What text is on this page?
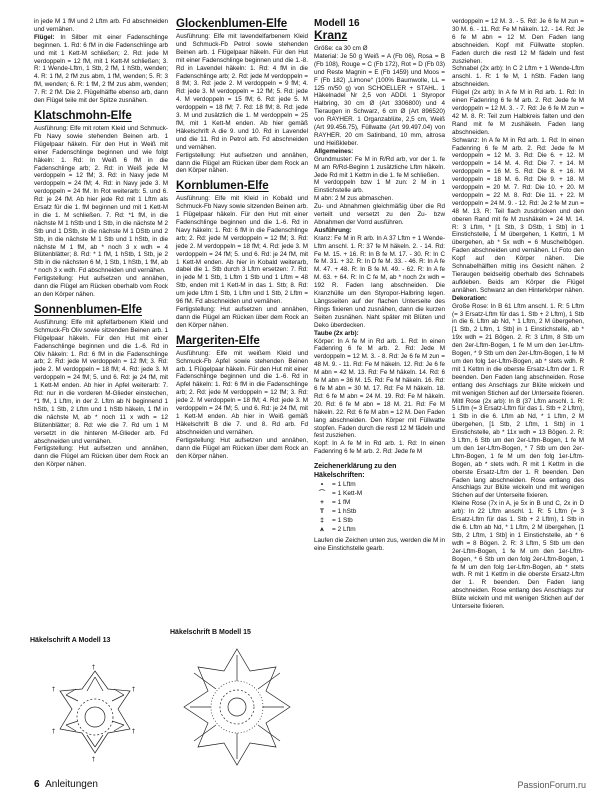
in jede M 1 fM und 2 Lftm arb. Fd abschneiden und vernähen.

Flügel: In Silber mit einer Fadenschlinge beginnen. 1. Rd: 6 fM in die Fadenschlinge arb und mit 1 Kett-M schließen; 2. Rd: jede M verdoppeln = 12 fM, mit 1 Kett-M schließen; 3. R: 1 Wende-Lftm, 1 Stb, 2 fM, 1 hStb, wenden; 4. R: 1 fM, 2 fM zus abm, 1 fM, wenden; 5. R: 3 fM, wenden; 6. R: 1 fM, 2 fM zus abm, wenden; 7. R: 2 fM. Die 2. Flügelhälfte ebenso arb, dann den Flügel teile mit der Spitze zusnähen.

Klatschmohn-Elfe

Ausführung: Elfe mit rotem Kleid und Schmuck-Fb Navy sowie stehenden Beinen arb. 1 Flügelpaar häkeln. Für den Hut in Weiß mit einer Fadenschlinge beginnen und wie folgt häkeln: 1. Rd: In Weiß 6 fM in die Fadenschlinge arb; 2. Rd: in Weiß jede M verdoppeln = 12 fM; 3. Rd: in Navy jede M verdoppeln = 24 fM; 4. Rd: in Navy jede 3. M verdoppeln = 24 fM. In Rot weiterarb: 5. und 6. Rd: je 24 fM. Ab hier jede Rd mit 1 Lftm als Ersatz für die 1. fM beginnen und mit 1 Kett-M in die 1. M schließen. 7. Rd: *1 fM, in die nächste M 1 hStb und 1 Stb, in die nächste M 2 Stb und 1 DStb, in die nächste M 1 DStb und 2 Stb, in die nächste M 1 Stb und 1 hStb, in die nächste M 1 fM, ab * noch 3 x wdh = 4 Blütenblätter; 8. Rd: * 1 fM, 1 hStb, 1 Stb, je 2 Stb in die nächsten 6 M, 1 Stb, 1 hStb, 1 fM, ab * noch 3 x wdh. Fd abschneiden und vernähen.

Fertigstellung: Hut aufsetzen und annähen, dann die Flügel am Rücken oberhalb vom Rock an den Körper nähen.

Sonnenblumen-Elfe

Ausführung: Elfe mit apfelfarbenem Kleid und Schmuck-Fb Oliv sowie sitzenden Beinen arb. 1 Flügelpaar häkeln. Für den Hut mit einer Fadenschlinge beginnen und die 1.-6. Rd in Oliv häkeln: 1. Rd: 6 fM in die Fadenschlinge arb; 2. Rd: jede M verdoppeln = 12 fM; 3. Rd: jede 2. M verdoppeln = 18 fM; 4. Rd: jede 3. M verdoppeln = 24 fM; 5. und 6. Rd: je 24 fM, mit 1 Kett-M enden. Ab hier in Apfel weiterarb: 7. Rd: nur in die vorderen M-Glieder einstechen, *1 fM, 1 Lftm, in der 2. Lftm ab N beginnend 1 hStb, 1 Stb, 2 Lftm und 1 hStb häkeln, 1 fM in die nächste M, ab * noch 11 x wdh = 12 Blütenblätter; 8. Rd: wie die 7. Rd um 1 M versetzt in die hinteren M-Glieder arb. Fd abschneiden und vernähen.

Fertigstellung: Hut aufsetzen und annähen, dann die Flügel am Rücken über dem Rock an den Körper nähen.

Glockenblumen-Elfe

Ausführung: Elfe mit lavendelfarbenem Kleid und Schmuck-Fb Petrol sowie stehenden Beinen arb. 1 Flügelpaar häkeln. Für den Hut mit einer Fadenschlinge beginnen und die 1.-8. Rd in Lavendel häkeln: 1. Rd: 4 fM in die Fadenschlinge arb; 2. Rd: jede M verdoppeln = 8 fM; 3. Rd: jede 2. M verdoppeln = 9 fM; 4. Rd: jede 3. M verdoppeln = 12 fM; 5. Rd: jede 4. M verdoppeln = 15 fM; 6. Rd: jede 5. M verdoppeln = 18 fM; 7. Rd: 18 fM; 8. Rd: jede 3. M und zusätzlich die 1. M verdoppeln = 25 fM, mit 1 Kett-M enden. Ab hier gemäß Häkelschrift A die 9. und 10. Rd in Lavendel und die 11. Rd in Petrol arb. Fd abschneiden und vernähen.

Fertigstellung: Hut aufsetzen und annähen, dann die Flügel am Rücken über dem Rock an den Körper nähen.

Kornblumen-Elfe

Ausführung: Elfe mit Kleid in Kobald und Schmuck-Fb Navy sowie sitzenden Beinen arb. 1 Flügelpaar häkeln. Für den Hut mit einer Fadenschlinge beginnen und die 1.-6. Rd in Navy häkeln: 1. Rd: 6 fM in die Fadenschlinge arb; 2. Rd: jede M verdoppeln = 12 fM; 3. Rd: jede 2. M verdoppeln = 18 fM; 4. Rd: jede 3. M verdoppeln = 24 fM; 5. und 6. Rd: je 24 fM, mit 1 Kett-M enden. Ab hier in Kobald weiterarb, dabei die 1. Stb durch 3 Lftm ersetzen: 7. Rd: in jede M 1 Stb, 1 Lftm 1 Stb und 1 Lftm = 48 Stb, enden mit 1 Kett-M in das 1. Stb; 8. Rd: um jede Lftm 1 Stb, 1 Lftm und 1 Stb, 2 Lftm = 96 fM. Fd abschneiden und vernähen.

Fertigstellung: Hut aufsetzen und annähen, dann die Flügel am Rücken über dem Rock an den Körper nähen.

Margeriten-Elfe

Ausführung: Elfe mit weißem Kleid und Schmuck-Fb Apfel sowie stehenden Beinen arb. 1 Flügelpaar häkeln. Für den Hut mit einer Fadenschlinge beginnen und die 1.-6. Rd in Apfel häkeln: 1. Rd: 6 fM in die Fadenschlinge arb; 2. Rd: jede M verdoppeln = 12 fM; 3. Rd: jede 2. M verdoppeln = 18 fM; 4. Rd: jede 3. M verdoppeln = 24 fM; 5. und 6. Rd: je 24 fM, mit 1 Kett-M enden. Ab hier in Weiß gemäß Häkelschrift B die 7. und 8. Rd arb. Fd abschneiden und vernähen.

Fertigstellung: Hut aufsetzen und annähen, dann die Flügel am Rücken über dem Rock an den Körper nähen.

Modell 16
Kranz

Größe: ca 30 cm Ø

Material: Je 50 g Weiß = A (Fb 06), Rosa = B (Fb 108), Rouge = C (Fb 172), Rot = D (Fb 03) und Reste Magnin = E (Fb 1459) und Moos = F (Fb 182) „Limone“ (100% Baumwolle, LL = 125 m/50 g) von SCHOELLER + STAHL. 1 Häkelnadel Nr 2,5 von ADDI. 1 Styropor Halbring, 30 cm Ø (Art 3306800) und 4 Tieraugen in Schwarz, 6 cm Ø (Art 896520) von RAYHER. 1 Organzablüte, 2,5 cm, Weiß (Art 99.456.75), Füllwatte (Art 99.497.04) von RAYHER. 20 cm Satinband, 10 mm, altrosa und Heißkleber.

Allgemeines:

Grundmuster: Fe M in R/Rd arb, vor der 1. fe M am R/Rd-Beginn 1 zusätzliche Lftm häkeln. Jede Rd mit 1 Kettm in die 1. fe M schließen.

M verdoppeln bzw 1 M zun: 2 M in 1 Einstichstelle arb.

M abn: 2 M zus abmaschen.

Zu- und Abnahmen gleichmäßig über die Rd verteilt und versetzt zu den Zu- bzw Abnahmen der Vorrd ausführen.

Ausführung:

Kranz: Fe M in R arb. In A 37 Lftm + 1 Wende-Lftm anschl. 1. R: 37 fe M häkeln. 2. - 14. Rd: Fe M. 15. + 16. R: In B fe M. 17. - 30. R: In C fe M. 31. + 32. R: In D fe M. 33. - 46. R: In A fe M. 47. + 48. R: In B fe M. 49. - 62. R: In A fe M. 63. + 64. R: In C fe M, ab * noch 2x wdh = 192 R. Faden lang abschneiden. Die Kranzhülle um den Styropor-Halbring legen. Längsseiten auf der flachen Unterseite des Rings fixieren und zusnähen, dann die kurzen Seiten zusnähen. Naht später mit Blüten und Deko überdecken.

Taube (2x arb):

Körper: In A fe M in Rd arb. 1. Rd: In einen Fadenring 6 fe M arb. 2. Rd: Jede M verdoppeln = 12 M. 3. - 8. Rd: Je 6 fe M zun = 48 M. 9. - 11. Rd: Fe M häkeln. 12. Rd: Je 6 fe M abn = 42 M. 13. Rd: Fe M häkeln. 14. Rd: 6 fe M abn = 36 M. 15. Rd: Fe M häkeln. 16. Rd: 6 fe M abn = 30 M. 17. Rd: Fe M häkeln. 18. Rd: 6 fe M abn = 24 M. 19. Rd: Fe M häkeln. 20. Rd: 6 fe M abn = 18 M. 21. Rd: Fe M häkeln. 22. Rd: 6 fe M abn = 12 M. Den Faden lang abschneiden. Den Körper mit Füllwatte stopfen. Faden durch die restl 12 M fädeln und fest zusziehen.

Kopf: In A fe M in Rd arb. 1. Rd: In einen Fadenring 6 fe M arb. 2. Rd: Jede fe M

Zeichenerklärung zu den Häkelschriften:
•	= 1 Lftm
⌒	= 1 Kett-M
+	= 1 fM
T	= 1 hStb
‡	= 1 Stb
⩚	= 2 Lftm

Laufen die Zeichen unten zus, werden die M in eine Einstichstelle gearb.

verdoppeln = 12 M. 3. - 5. Rd: Je 6 fe M zun = 30 M. 6. - 11. Rd: Fe M häkeln. 12. - 14. Rd: Je 6 fe M abn = 12 M. Den Faden lang abschneiden. Kopf mit Füllwatte stopfen. Faden durch die restl 12 M fädeln und fest zusziehen.

Schnabel (2x arb): In C 2 Lftm + 1 Wende-Lftm anschl. 1. R: 1 fe M, 1 hStb. Faden lang abschneiden.

Flügel (2x arb): In A fe M in Rd arb. 1. Rd: In einen Fadenring 6 fe M arb. 2. Rd: Jede fe M verdoppeln = 12 M. 3. - 7. Rd: Je 6 fe M zun = 42 M. 8. R: Teil zum Halbkreis falten und den Rand mit fe M zushäkeln. Faden lang abschneiden.

Schwanz: In A fe M in Rd arb. 1. Rd: In einen Fadenring 6 fe M arb. 2. Rd: Jede fe M verdoppeln = 12 M. 3. Rd: Die 6. + 12. M verdoppeln = 14 M. 4. Rd: Die 7. + 14. M verdoppeln = 16 M. 5. Rd: Die 8. + 16. M verdoppeln = 18 M. 6. Rd: Die 9. + 18. M verdoppeln = 20 M. 7. Rd: Die 10. + 20. M verdoppeln = 22 M. 8. Rd: Die 11. + 22. M verdoppeln = 24 M. 9. - 12. Rd: Je 2 fe M zun = 48 M. 13. R: Teil flach zusdrücken und den oberen Rand mit fe M zushäkeln = 24 M. 14. R: 3 Lftm, * [1 Stb, 3 DStb, 1 Stb] in 1 Einstichstelle, 1 M übergehen, 1 Kettm, 1 M übergehen, ab * 5x wdh = 6 Muschelbögen. Faden abschneiden und vernähen. Lt Foto den Kopf auf den Körper nähen. Die Schnabelhälften mittig ins Gesicht nähen. 2 Tieraugen beidseitig oberhalb des Schnabels aufkleben. Beids am Körper die Flügel annähen. Schwanz an den Hinterkörper nähen.

Dekoration:

Große Rose: In B 61 Lftm anschl. 1. R: 5 Lftm (= 3 Ersatz-Lftm für das 1. Stb + 2 Lftm), 1 Stb in die 6. Lftm ab Nd, * 1 Lftm, 2 M übergehen, [1 Stb, 2 Lftm, 1 Stb] in 1 Einstichstelle, ab * 19x wdh = 21 Bögen. 2. R: 3 Lftm, 8 Stb um den 2er-Lftm-Bogen, 1 fe M um den 1er-Lftm-Bogen, * 9 Stb um den 2er-Lftm-Bogen, 1 fe M um den folg 1er-Lftm-Bogen, ab * stets wdh. R mit 1 Kettm in die oberste Ersatz-Lftm der 1. R beenden. Den Faden lang abschneiden. Rose entlang des Anschlags zur Blüte wickeln und mit wenigen Stichen auf der Unterseite fixieren.

Mittl Rose (2x arb): In B (37 Lftm anschl. 1. R: 5 Lftm (= 3 Ersatz-Lftm für das 1. Stb + 2 Lftm), 1 Stb in die 6. Lftm ab Nd, * 1 Lftm, 2 M übergehen, [1 Stb, 2 Lftm, 1 Stb] in 1 Einstichstelle, ab * 11x wdh = 13 Bögen. 2. R: 3 Lftm, 6 Stb um den 2er-Lftm-Bogen, 1 fe M um den 1er-Lftm-Bogen, * 7 Stb um den 2er-Lftm-Bogen, 1 fe M um den folg 1er-Lftm-Bogen, ab * stets wdh. R mit 1 Kettm in die oberste Ersatz-Lftm der 1. R beenden. Den Faden lang abschneiden. Rose entlang des Anschlags zur Blüte wickeln und mit wenigen Stichen auf der Unterseite fixieren.

Kleine Rose (7x in A, je 5x in B und C, 2x in D arb): In 22 Lftm anschl. 1. R: 5 Lftm (= 3 Ersatz-Lftm für das 1. Stb + 2 Lftm), 1 Stb in die 6. Lftm ab Nd, * 1 Lftm, 2 M übergehen, [1 Stb, 2 Lftm, 1 Stb] in 1 Einstichstelle, ab * 6 wdh = 8 Bögen. 2. R: 3 Lftm, 5 Stb um den 2er-Lftm-Bogen, 1 fe M um den 1er-Lftm-Bogen, * 6 Stb um den folg 2er-Lftm-Bogen, 1 fe M um den folg 1er-Lftm-Bogen, ab * stets wdh. R mit 1 Kettm in die oberste Ersatz-Lftm der 1. R beenden. Den Faden lang abschneiden. Rose entlang des Anschlags zur Blüte wickeln und mit wenigen Stichen auf der Unterseite fixieren.

Häkelschrift A Modell 13
†
†
†
†
†
†
Häkelschrift B Modell 15
6 Anleitungen	PassionForum.ru
